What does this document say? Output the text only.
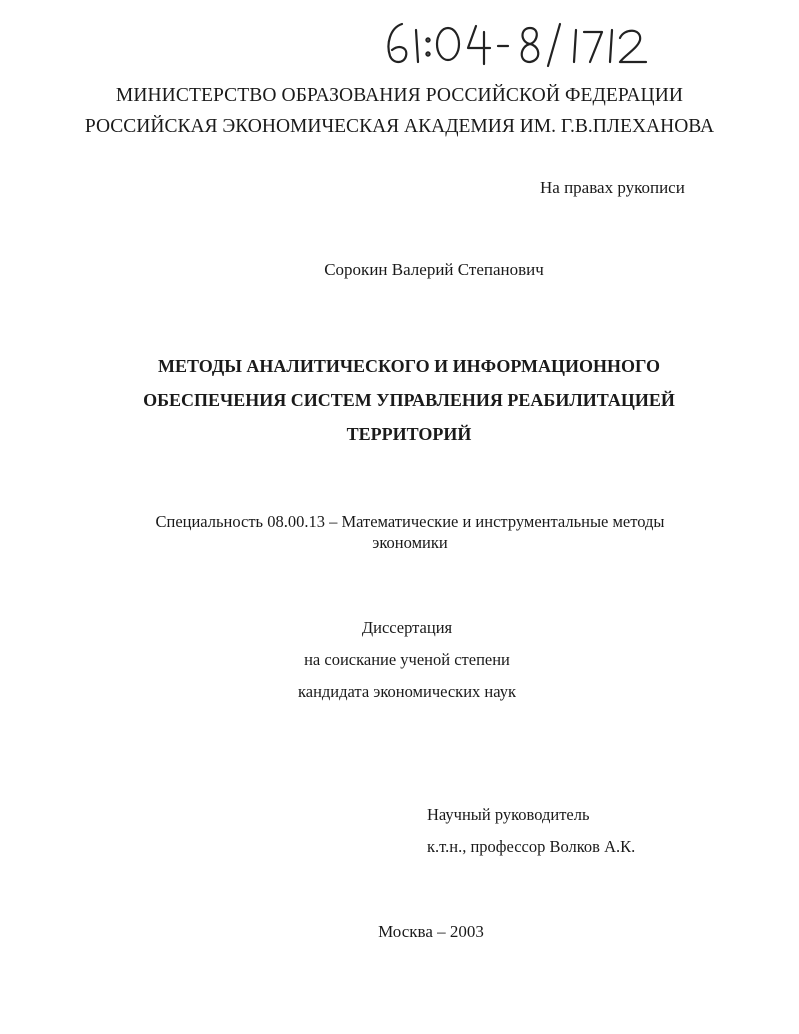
МИНИСТЕРСТВО ОБРАЗОВАНИЯ РОССИЙСКОЙ ФЕДЕРАЦИИ
РОССИЙСКАЯ ЭКОНОМИЧЕСКАЯ АКАДЕМИЯ ИМ. Г.В.ПЛЕХАНОВА
На правах рукописи
Сорокин Валерий Степанович
МЕТОДЫ АНАЛИТИЧЕСКОГО И ИНФОРМАЦИОННОГО
ОБЕСПЕЧЕНИЯ СИСТЕМ УПРАВЛЕНИЯ РЕАБИЛИТАЦИЕЙ
ТЕРРИТОРИЙ
Специальность 08.00.13 – Математические и инструментальные методы
экономики
Диссертация
на соискание ученой степени
кандидата экономических наук
Научный руководитель
к.т.н., профессор Волков А.К.
Москва – 2003
